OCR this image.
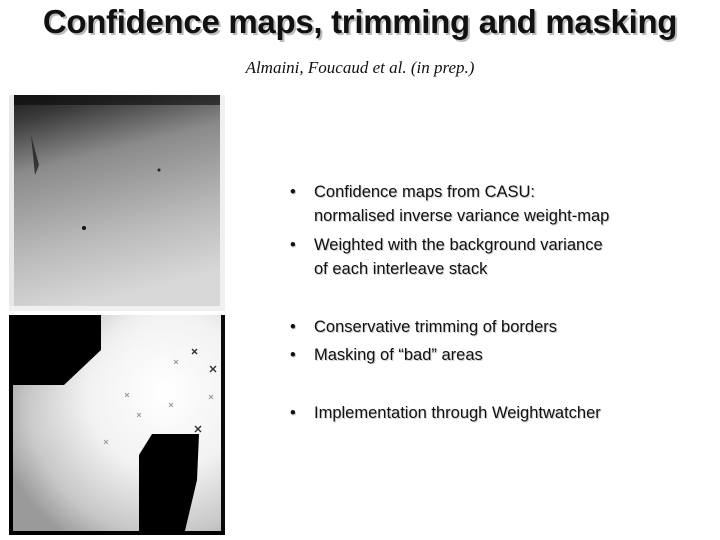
Confidence maps, trimming and masking
Almaini, Foucaud et al. (in prep.)
•	Confidence maps from CASU:
normalised inverse variance weight-map
•	Weighted with the background variance
of each interleave stack
•	Conservative trimming of borders
•	Masking of “bad” areas
•	Implementation through Weightwatcher
